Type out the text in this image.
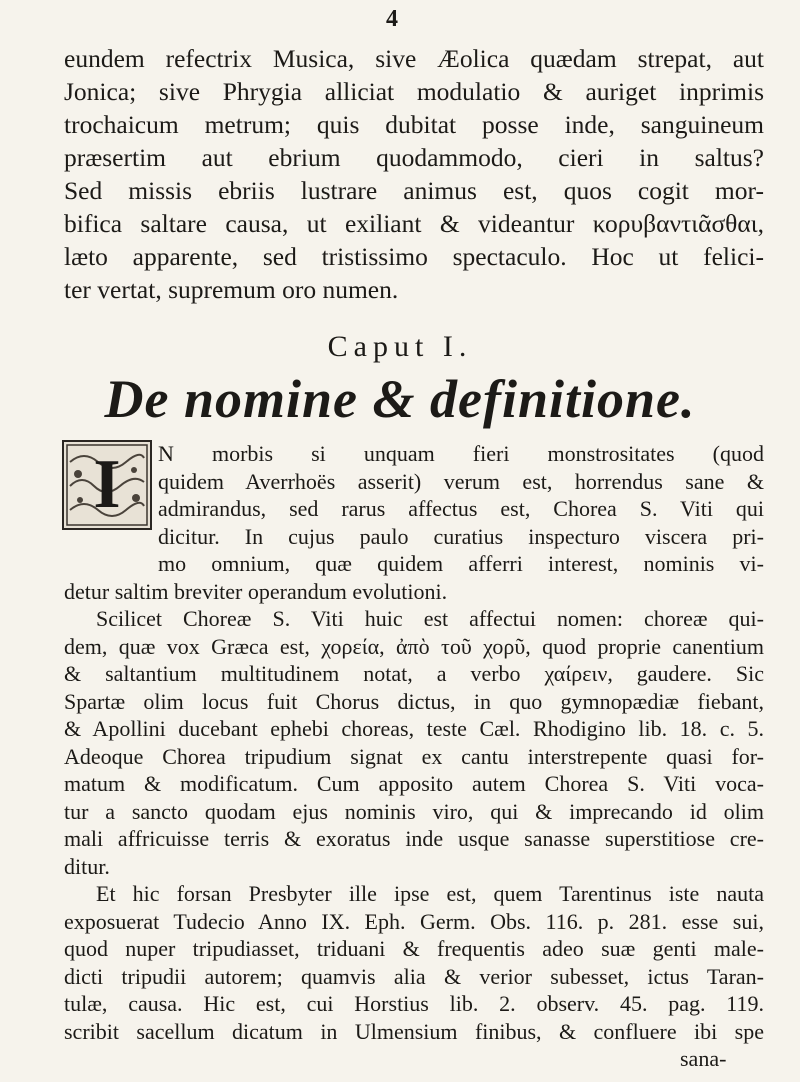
4
eundem refectrix Musica, sive Æolica quædam strepat, aut
Jonica; sive Phrygia alliciat modulatio & auriget inprimis
trochaicum metrum; quis dubitat posse inde, sanguineum
præsertim aut ebrium quodammodo, cieri in saltus?
Sed missis ebriis lustrare animus est, quos cogit mor-
bifica saltare causa, ut exiliant & videantur κορυβαντιᾶσθαι,
læto apparente, sed tristissimo spectaculo. Hoc ut felici-
ter vertat, supremum oro numen.
Caput I.
De nomine & definitione.
I	N morbis si unquam fieri monstrositates (quod
quidem Averrhoës asserit) verum est, horrendus sane &
admirandus, sed rarus affectus est, Chorea S. Viti qui
dicitur. In cujus paulo curatius inspecturo viscera pri-
mo omnium, quæ quidem afferri interest, nominis vi-
detur saltim breviter operandum evolutioni.
Scilicet Choreæ S. Viti huic est affectui nomen: choreæ qui-
dem, quæ vox Græca est, χορεία, ἀπὸ τοῦ χορῦ, quod proprie canentium
& saltantium multitudinem notat, a verbo χαίρειν, gaudere. Sic
Spartæ olim locus fuit Chorus dictus, in quo gymnopædiæ fiebant,
& Apollini ducebant ephebi choreas, teste Cæl. Rhodigino lib. 18. c. 5.
Adeoque Chorea tripudium signat ex cantu interstrepente quasi for-
matum & modificatum. Cum apposito autem Chorea S. Viti voca-
tur a sancto quodam ejus nominis viro, qui & imprecando id olim
mali affricuisse terris & exoratus inde usque sanasse superstitiose cre-
ditur.
Et hic forsan Presbyter ille ipse est, quem Tarentinus iste nauta
exposuerat Tudecio Anno IX. Eph. Germ. Obs. 116. p. 281. esse sui,
quod nuper tripudiasset, triduani & frequentis adeo suæ genti male-
dicti tripudii autorem; quamvis alia & verior subesset, ictus Taran-
tulæ, causa. Hic est, cui Horstius lib. 2. observ. 45. pag. 119.
scribit sacellum dicatum in Ulmensium finibus, & confluere ibi spe
sana-
